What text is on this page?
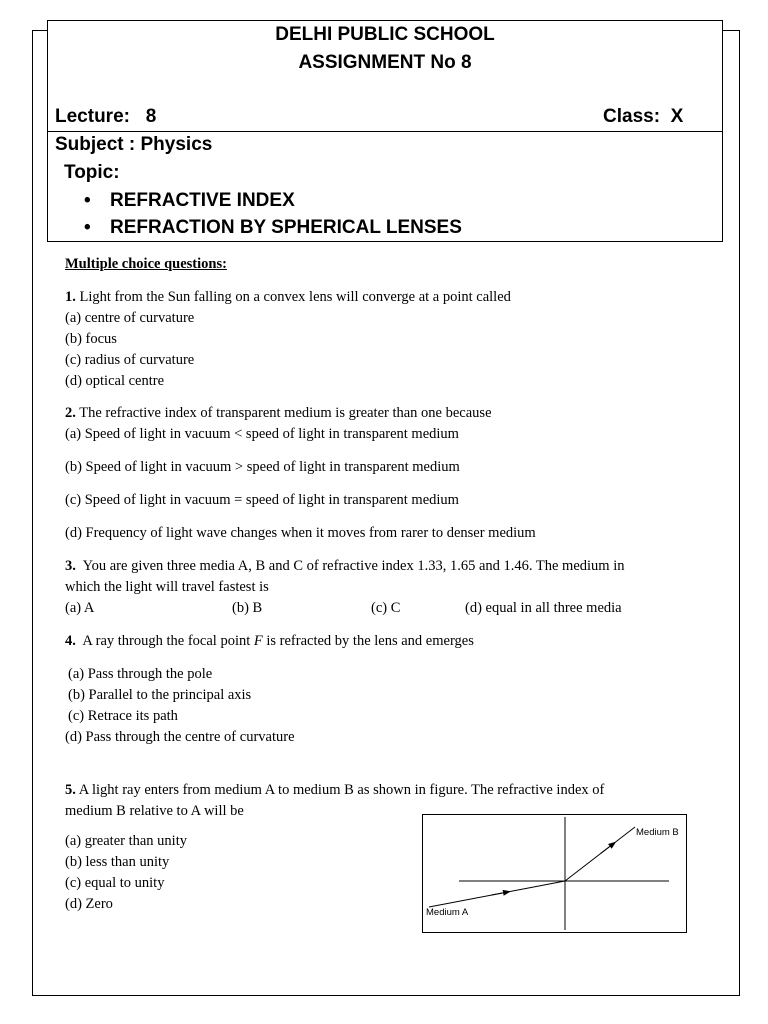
DELHI PUBLIC SCHOOL
ASSIGNMENT No 8
Lecture:   8	Class:  X
Subject : Physics
Topic:
• REFRACTIVE INDEX
• REFRACTION BY SPHERICAL LENSES
Multiple choice questions:
1. Light from the Sun falling on a convex lens will converge at a point called
(a) centre of curvature
(b) focus
(c) radius of curvature
(d) optical centre
2. The refractive index of transparent medium is greater than one because
(a) Speed of light in vacuum < speed of light in transparent medium
(b) Speed of light in vacuum > speed of light in transparent medium
(c) Speed of light in vacuum = speed of light in transparent medium
(d) Frequency of light wave changes when it moves from rarer to denser medium
3. You are given three media A, B and C of refractive index 1.33, 1.65 and 1.46. The medium in
which the light will travel fastest is
(a) A	(b) B	(c) C	(d) equal in all three media
4. A ray through the focal point F is refracted by the lens and emerges
(a) Pass through the pole
(b) Parallel to the principal axis
(c) Retrace its path
(d) Pass through the centre of curvature
5. A light ray enters from medium A to medium B as shown in figure. The refractive index of
medium B relative to A will be
(a) greater than unity
(b) less than unity
(c) equal to unity
(d) Zero
Medium B
Medium A
